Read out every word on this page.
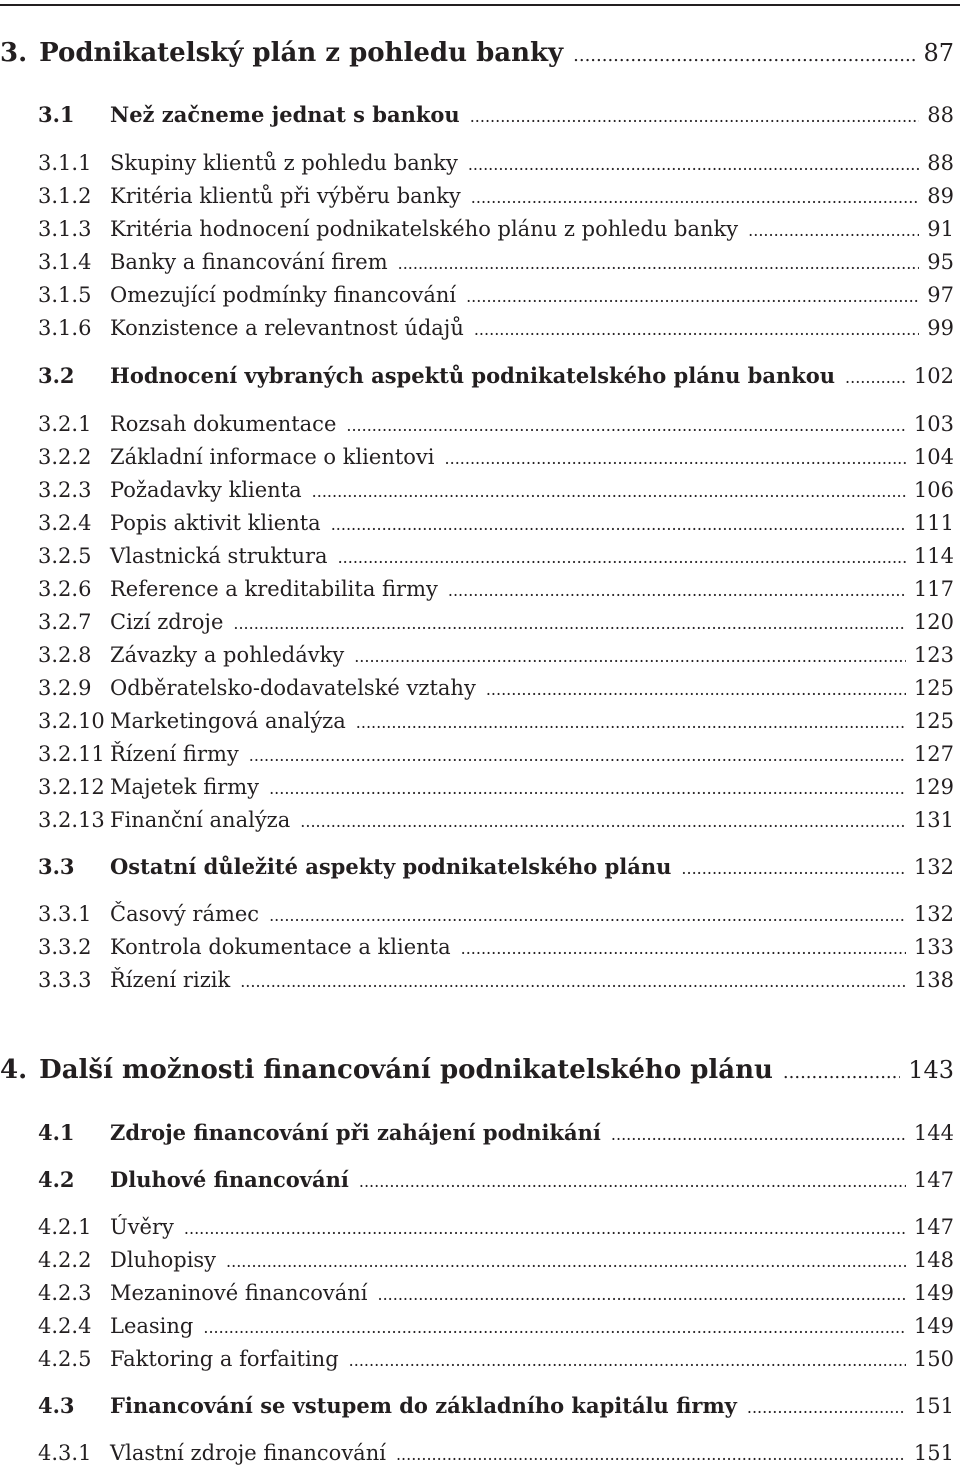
3. Podnikatelský plán z pohledu banky .....	87
3.1	Než začneme jednat s bankou .....	88
3.1.1 Skupiny klientů z pohledu banky .....	88
3.1.2 Kritéria klientů při výběru banky .....	89
3.1.3 Kritéria hodnocení podnikatelského plánu z pohledu banky .....	91
3.1.4 Banky a financování firem .....	95
3.1.5 Omezující podmínky financování .....	97
3.1.6 Konzistence a relevantnost údajů .....	99
3.2	Hodnocení vybraných aspektů podnikatelského plánu bankou .....	102
3.2.1 Rozsah dokumentace .....	103
3.2.2 Základní informace o klientovi .....	104
3.2.3 Požadavky klienta .....	106
3.2.4 Popis aktivit klienta .....	111
3.2.5 Vlastnická struktura .....	114
3.2.6 Reference a kreditabilita firmy .....	117
3.2.7 Cizí zdroje .....	120
3.2.8 Závazky a pohledávky .....	123
3.2.9 Odběratelsko-dodavatelské vztahy .....	125
3.2.10 Marketingová analýza .....	125
3.2.11 Řízení firmy .....	127
3.2.12 Majetek firmy .....	129
3.2.13 Finanční analýza .....	131
3.3	Ostatní důležité aspekty podnikatelského plánu .....	132
3.3.1 Časový rámec .....	132
3.3.2 Kontrola dokumentace a klienta .....	133
3.3.3 Řízení rizik .....	138
4. Další možnosti financování podnikatelského plánu .....	143
4.1	Zdroje financování při zahájení podnikání .....	144
4.2	Dluhové financování .....	147
4.2.1 Úvěry .....	147
4.2.2 Dluhopisy .....	148
4.2.3 Mezaninové financování .....	149
4.2.4 Leasing .....	149
4.2.5 Faktoring a forfaiting .....	150
4.3	Financování se vstupem do základního kapitálu firmy .....	151
4.3.1 Vlastní zdroje financování .....	151
